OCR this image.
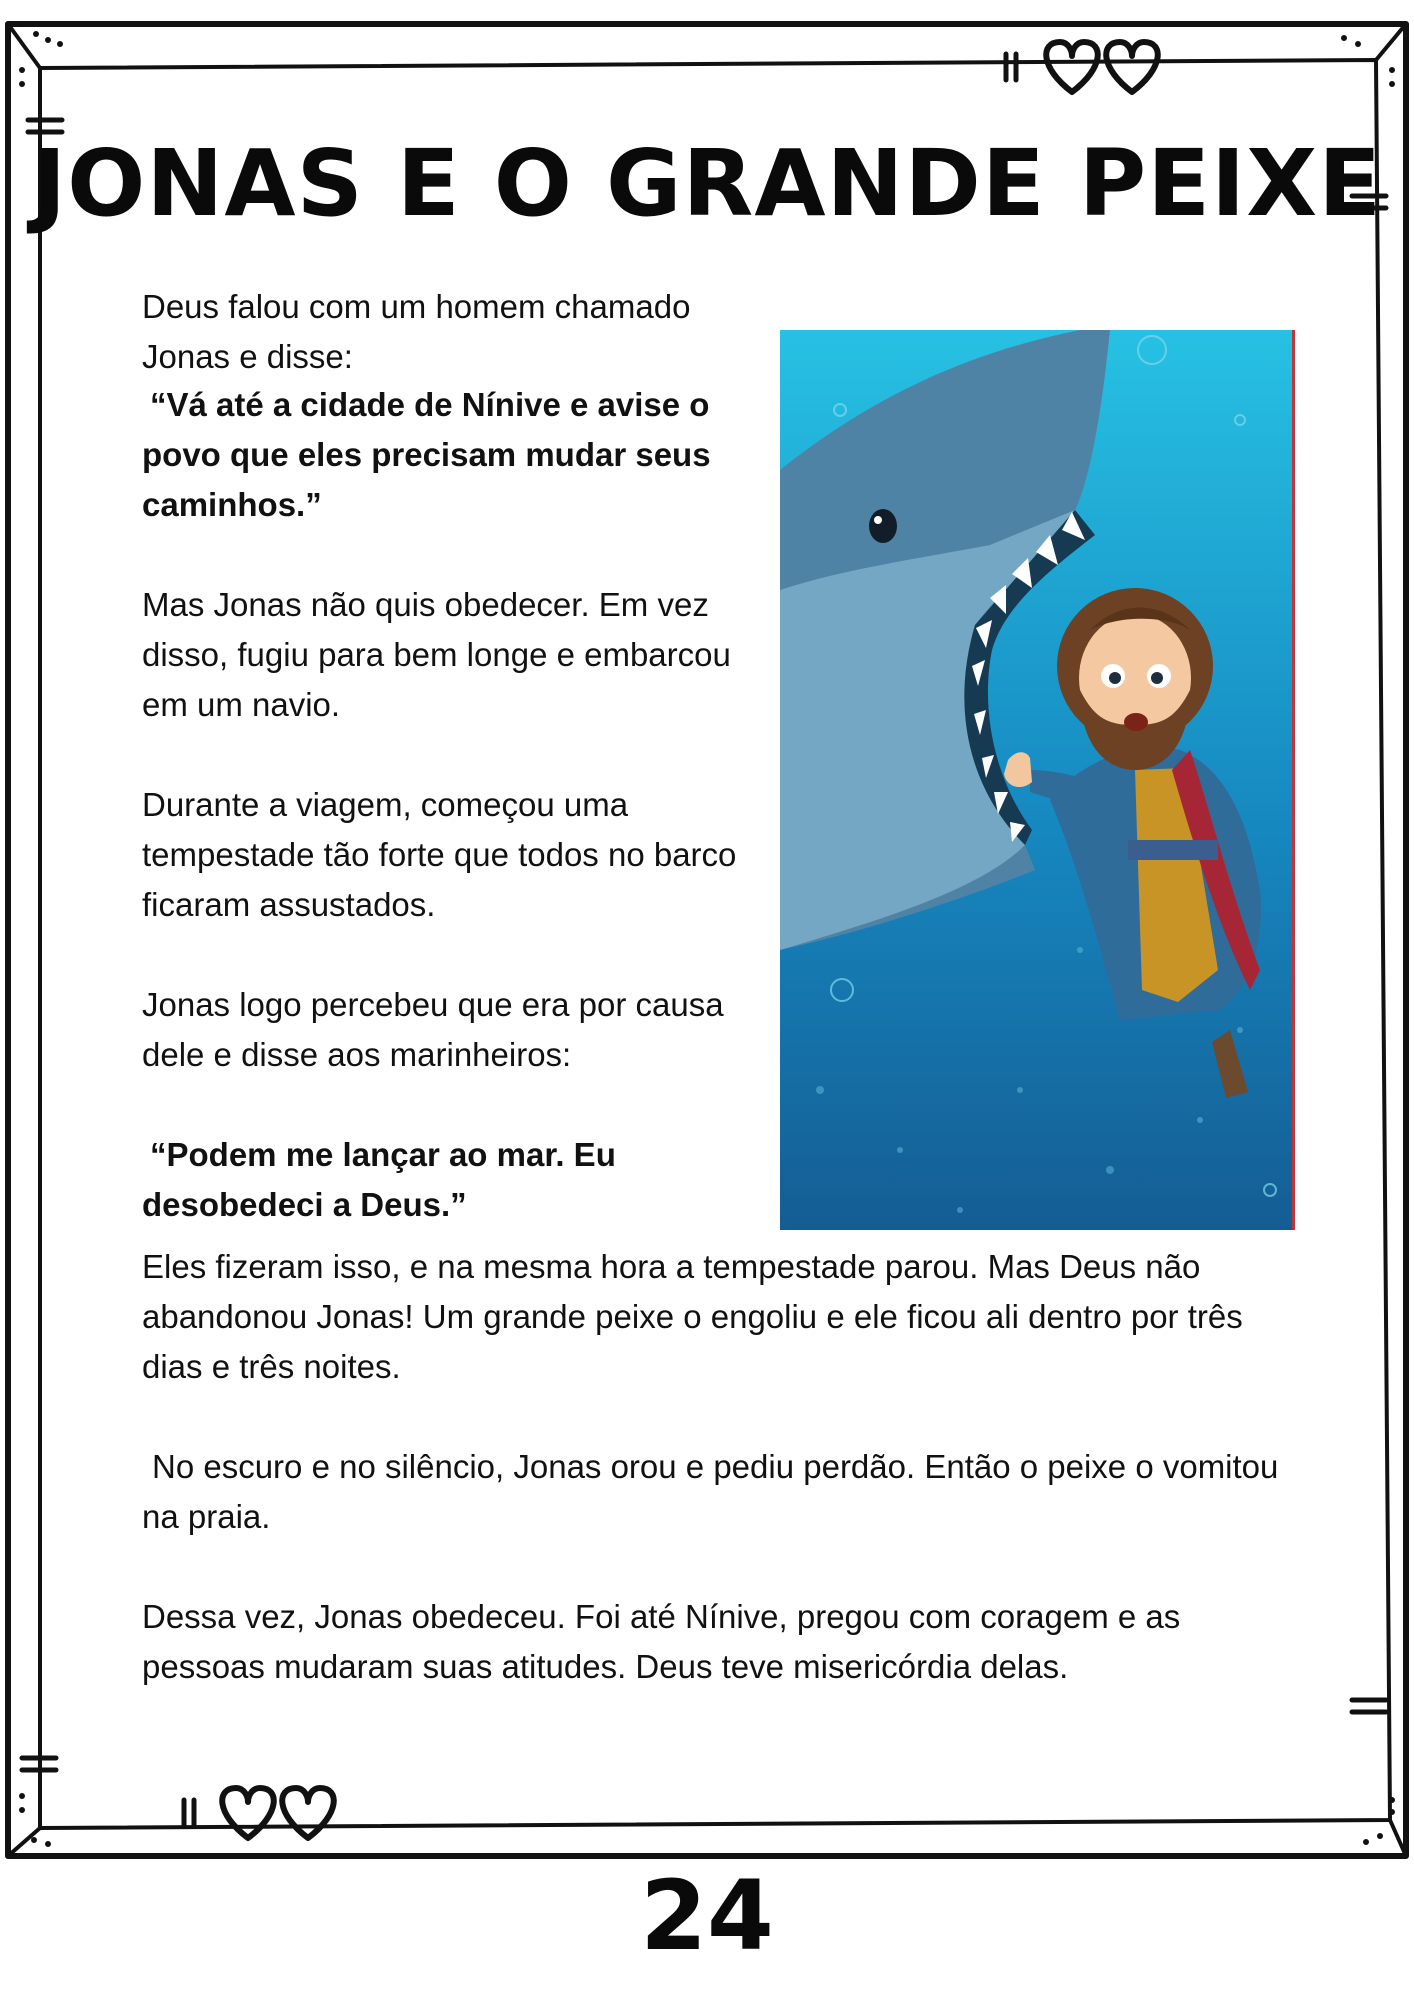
JONAS E O GRANDE PEIXE

Deus falou com um homem chamado Jonas e disse:

“Vá até a cidade de Nínive e avise o povo que eles precisam mudar seus caminhos.”

Mas Jonas não quis obedecer. Em vez disso, fugiu para bem longe e embarcou em um navio.

Durante a viagem, começou uma tempestade tão forte que todos no barco ficaram assustados.

Jonas logo percebeu que era por causa dele e disse aos marinheiros:

“Podem me lançar ao mar. Eu desobedeci a Deus.”

Eles fizeram isso, e na mesma hora a tempestade parou. Mas Deus não abandonou Jonas! Um grande peixe o engoliu e ele ficou ali dentro por três dias e três noites.

No escuro e no silêncio, Jonas orou e pediu perdão. Então o peixe o vomitou na praia.

Dessa vez, Jonas obedeceu. Foi até Nínive, pregou com coragem e as pessoas mudaram suas atitudes. Deus teve misericórdia delas.

24
